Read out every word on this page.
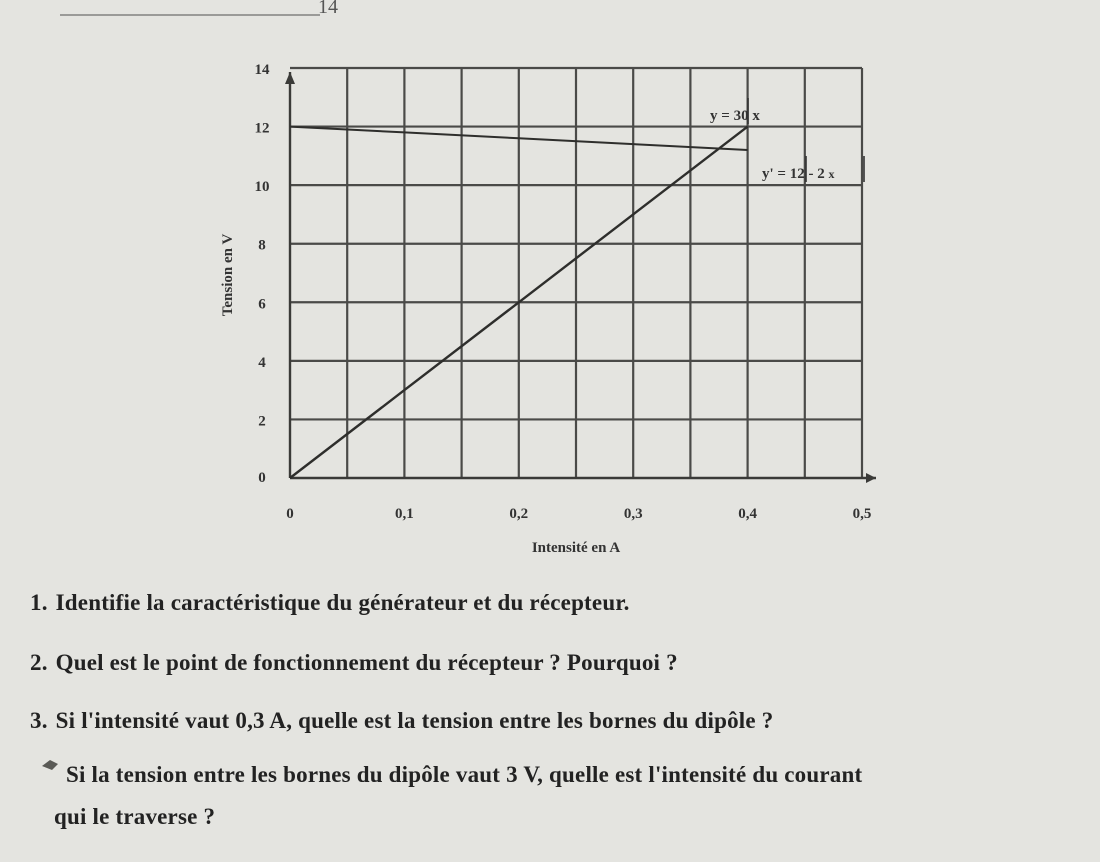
14
0
2
4
6
8
10
12
14
0	0,1	0,2	0,3	0,4	0,5
Intensité en A
Tension en V
y = 30 x
y' = 12 - 2 x
1. Identifie la caractéristique du générateur et du récepteur.
2. Quel est le point de fonctionnement du récepteur ? Pourquoi ?
3. Si l'intensité vaut 0,3 A, quelle est la tension entre les bornes du dipôle ?
Si la tension entre les bornes du dipôle vaut 3 V, quelle est l'intensité du courant
qui le traverse ?
